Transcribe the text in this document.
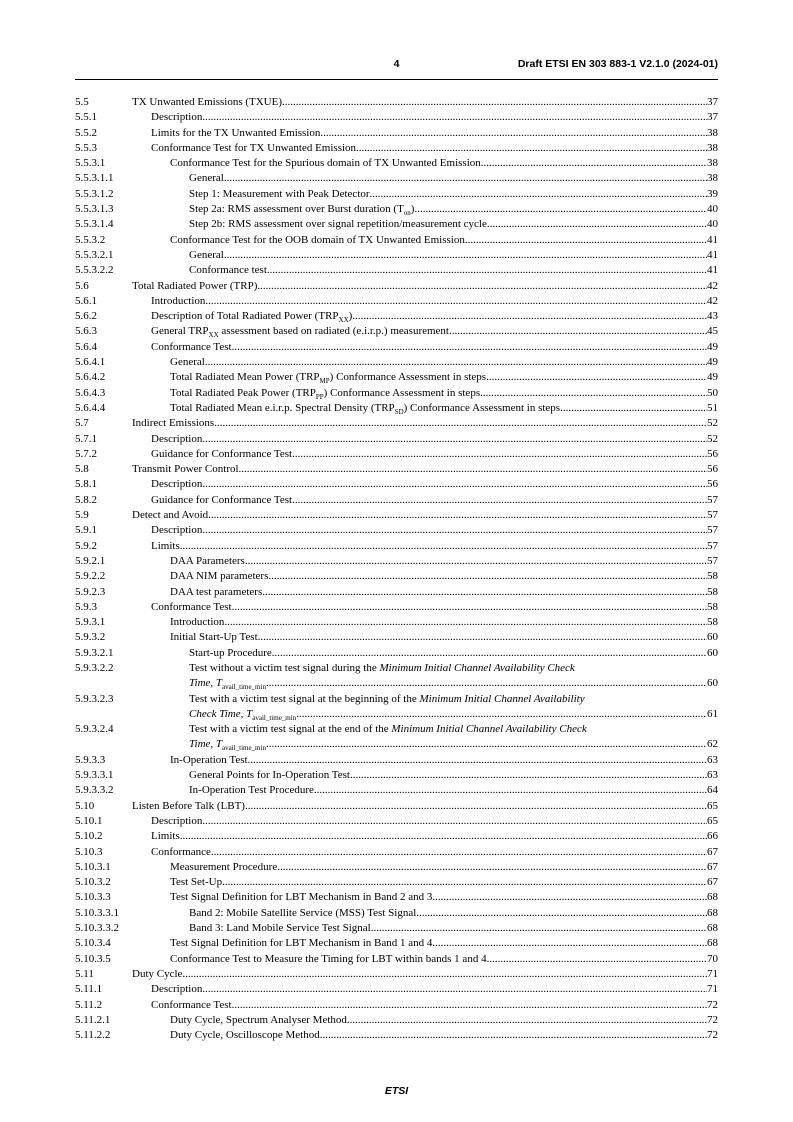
4	Draft ETSI EN 303 883-1 V2.1.0 (2024-01)
5.5	TX Unwanted Emissions (TXUE) .....	37
5.5.1	Description .....	37
5.5.2	Limits for the TX Unwanted Emission .....	38
5.5.3	Conformance Test for TX Unwanted Emission .....	38
5.5.3.1	Conformance Test for the Spurious domain of TX Unwanted Emission .....	38
5.5.3.1.1	General .....	38
5.5.3.1.2	Step 1: Measurement with Peak Detector .....	39
5.5.3.1.3	Step 2a: RMS assessment over Burst duration $(T_{on})$ .....	40
5.5.3.1.4	Step 2b: RMS assessment over signal repetition/measurement cycle .....	40
5.5.3.2	Conformance Test for the OOB domain of TX Unwanted Emission .....	41
5.5.3.2.1	General .....	41
5.5.3.2.2	Conformance test .....	41
5.6	Total Radiated Power (TRP) .....	42
5.6.1	Introduction .....	42
5.6.2	Description of Total Radiated Power $(TRP_{XX})$ .....	43
5.6.3	General $TRP_{XX}$ assessment based on radiated (e.i.r.p.) measurement .....	45
5.6.4	Conformance Test .....	49
5.6.4.1	General .....	49
5.6.4.2	Total Radiated Mean Power $(TRP_{MP})$ Conformance Assessment in steps .....	49
5.6.4.3	Total Radiated Peak Power $(TRP_{PP})$ Conformance Assessment in steps .....	50
5.6.4.4	Total Radiated Mean e.i.r.p. Spectral Density $(TRP_{SD})$ Conformance Assessment in steps .....	51
5.7	Indirect Emissions .....	52
5.7.1	Description .....	52
5.7.2	Guidance for Conformance Test .....	56
5.8	Transmit Power Control .....	56
5.8.1	Description .....	56
5.8.2	Guidance for Conformance Test .....	57
5.9	Detect and Avoid .....	57
5.9.1	Description .....	57
5.9.2	Limits .....	57
5.9.2.1	DAA Parameters .....	57
5.9.2.2	DAA NIM parameters .....	58
5.9.2.3	DAA test parameters .....	58
5.9.3	Conformance Test .....	58
5.9.3.1	Introduction .....	58
5.9.3.2	Initial Start-Up Test .....	60
5.9.3.2.1	Start-up Procedure .....	60
5.9.3.2.2	Test without a victim test signal during the Minimum Initial Channel Availability Check
Time, $T_{avail\_time\_min}$ .....	60
5.9.3.2.3	Test with a victim test signal at the beginning of the Minimum Initial Channel Availability
Check Time, $T_{avail\_time\_min}$ .....	61
5.9.3.2.4	Test with a victim test signal at the end of the Minimum Initial Channel Availability Check
Time, $T_{avail\_time\_min}$ .....	62
5.9.3.3	In-Operation Test .....	63
5.9.3.3.1	General Points for In-Operation Test .....	63
5.9.3.3.2	In-Operation Test Procedure .....	64
5.10	Listen Before Talk (LBT) .....	65
5.10.1	Description .....	65
5.10.2	Limits .....	66
5.10.3	Conformance .....	67
5.10.3.1	Measurement Procedure .....	67
5.10.3.2	Test Set-Up .....	67
5.10.3.3	Test Signal Definition for LBT Mechanism in Band 2 and 3 .....	68
5.10.3.3.1	Band 2: Mobile Satellite Service (MSS) Test Signal .....	68
5.10.3.3.2	Band 3: Land Mobile Service Test Signal .....	68
5.10.3.4	Test Signal Definition for LBT Mechanism in Band 1 and 4 .....	68
5.10.3.5	Conformance Test to Measure the Timing for LBT within bands 1 and 4 .....	70
5.11	Duty Cycle .....	71
5.11.1	Description .....	71
5.11.2	Conformance Test .....	72
5.11.2.1	Duty Cycle, Spectrum Analyser Method .....	72
5.11.2.2	Duty Cycle, Oscilloscope Method .....	72
ETSI
